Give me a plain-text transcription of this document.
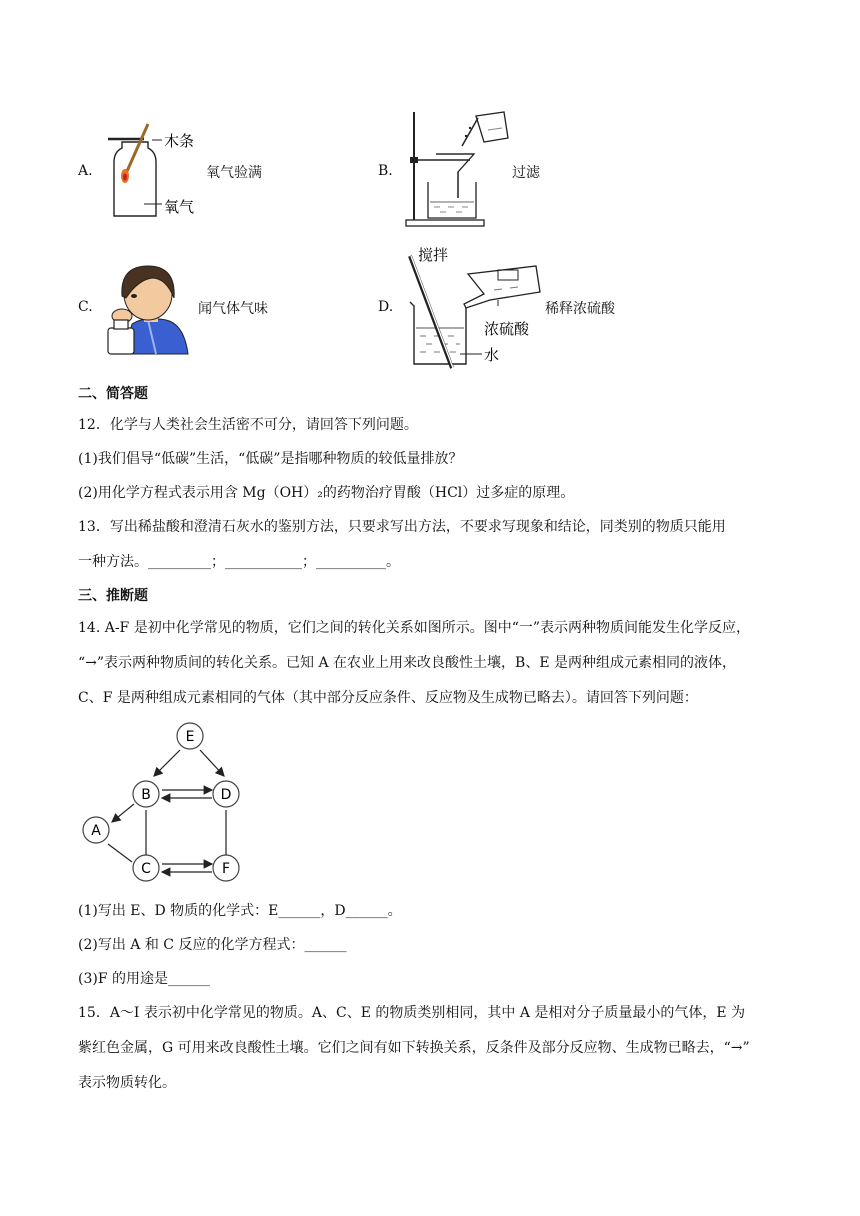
A.
木条
氧气
氧气验满	B.	过滤
C.	闻气体气味	D.
搅拌
浓硫酸
水
稀释浓硫酸
二、简答题
12．化学与人类社会生活密不可分，请回答下列问题。
(1)我们倡导“低碳”生活，“低碳”是指哪种物质的较低量排放？
(2)用化学方程式表示用含 Mg（OH）₂的药物治疗胃酸（HCl）过多症的原理。
13．写出稀盐酸和澄清石灰水的鉴别方法，只要求写出方法，不要求写现象和结论，同类别的物质只能用
一种方法。_________；___________；__________。
三、推断题
14. A-F 是初中化学常见的物质，它们之间的转化关系如图所示。图中“一”表示两种物质间能发生化学反应，
“→”表示两种物质间的转化关系。已知 A 在农业上用来改良酸性土壤，B、E 是两种组成元素相同的液体，
C、F 是两种组成元素相同的气体（其中部分反应条件、反应物及生成物已略去）。请回答下列问题：
E
B	D
A
C	F
(1)写出 E、D 物质的化学式：E______，D______。
(2)写出 A 和 C 反应的化学方程式：______
(3)F 的用途是______
15．A～I 表示初中化学常见的物质。A、C、E 的物质类别相同，其中 A 是相对分子质量最小的气体，E 为
紫红色金属，G 可用来改良酸性土壤。它们之间有如下转换关系，反条件及部分反应物、生成物已略去，“→”
表示物质转化。
